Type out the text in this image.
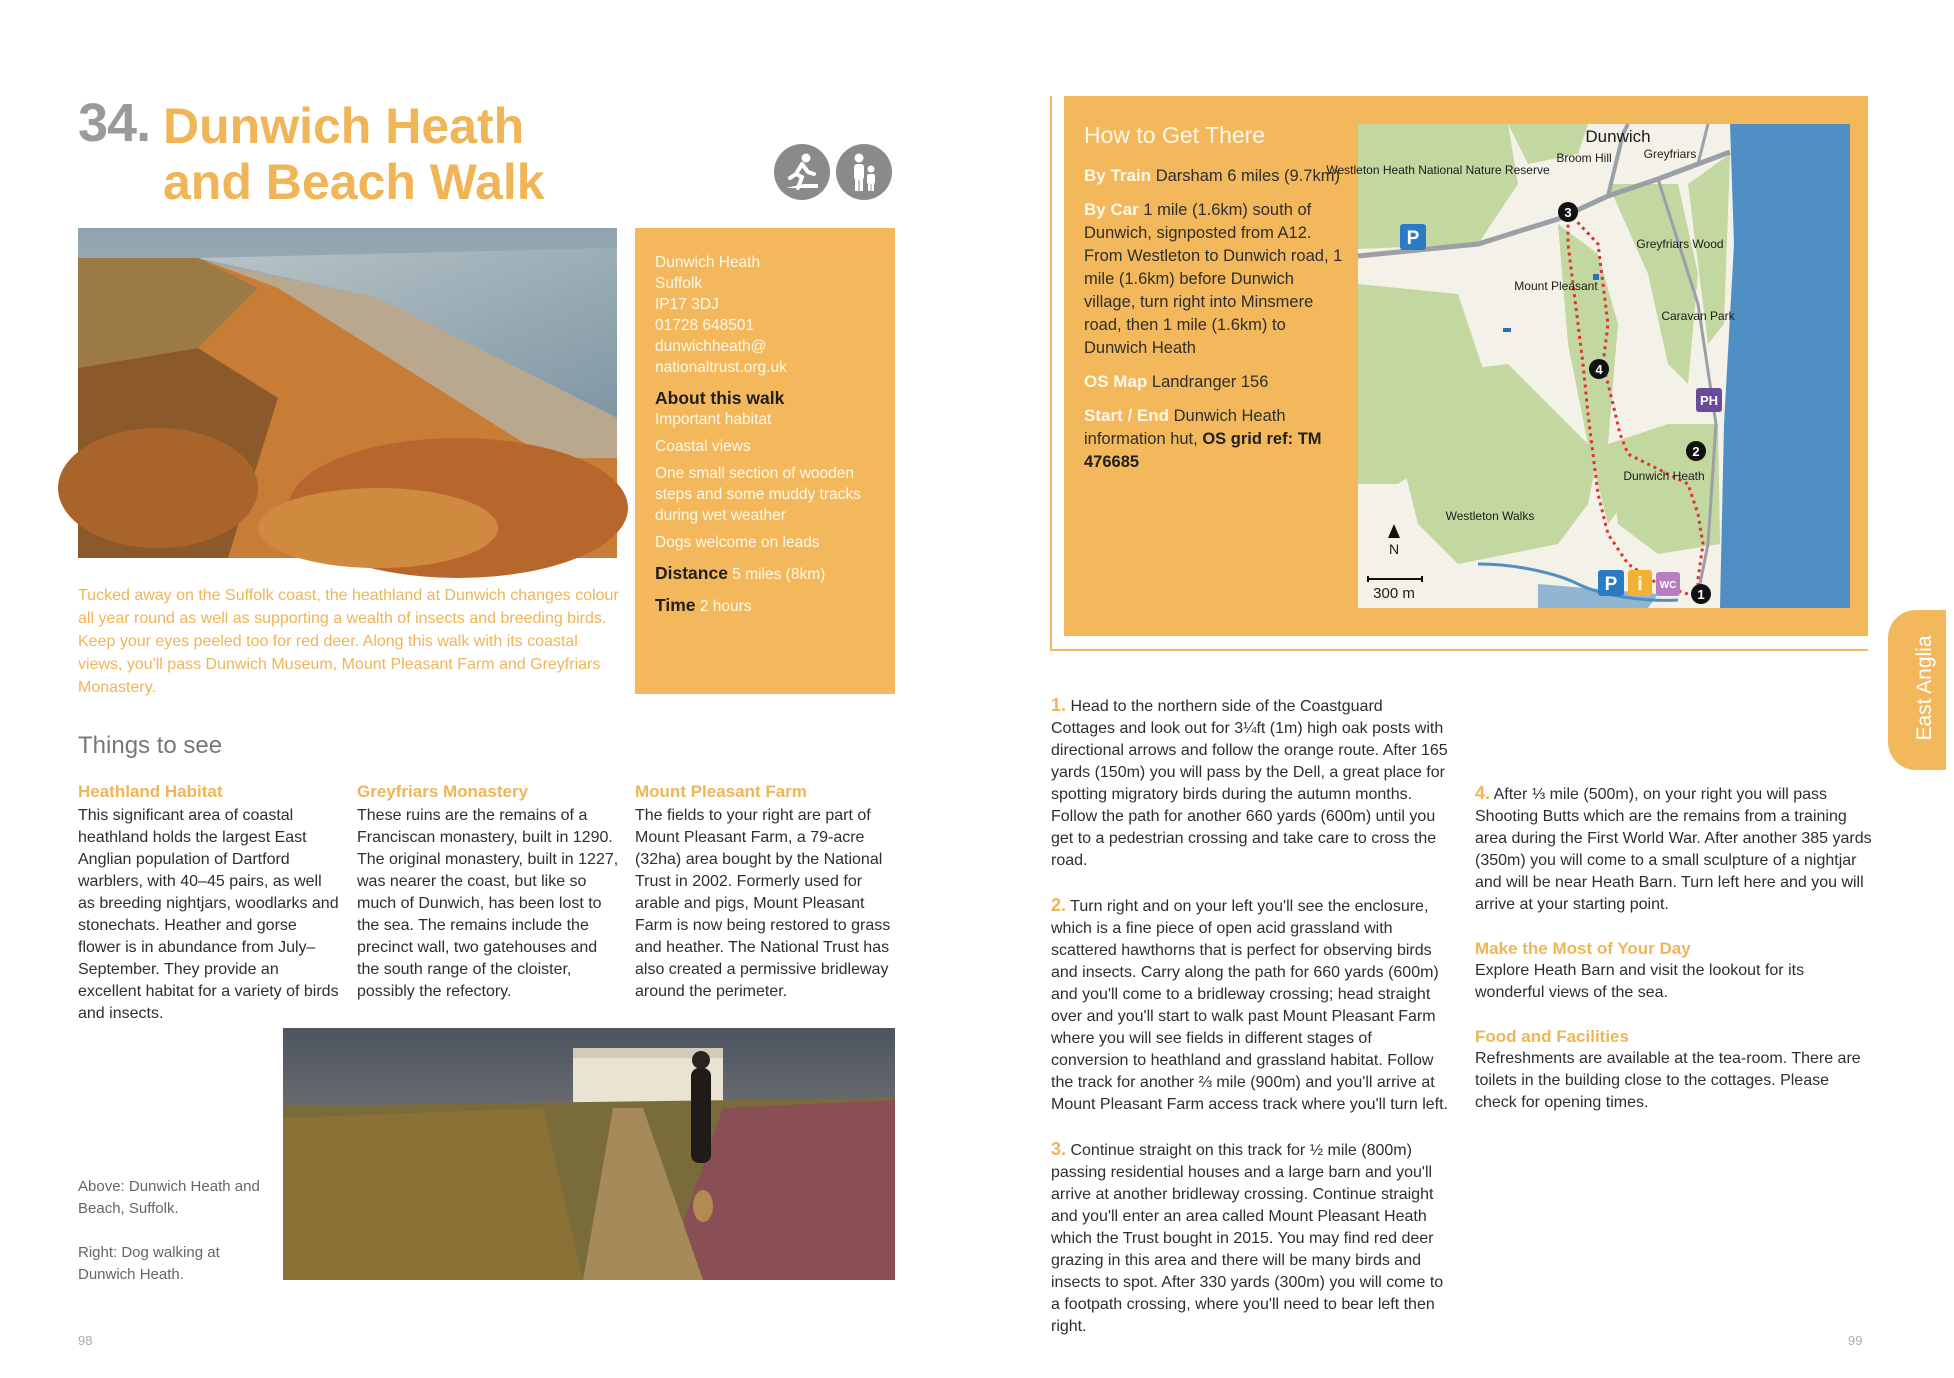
34. Dunwich Heath
and Beach Walk
Dunwich Heath
Suffolk
IP17 3DJ
01728 648501
dunwichheath@
nationaltrust.org.uk
About this walk
Important habitat
Coastal views
One small section of wooden steps and some muddy tracks during wet weather
Dogs welcome on leads
Distance 5 miles (8km)
Time 2 hours
Tucked away on the Suffolk coast, the heathland at Dunwich changes colour all year round as well as supporting a wealth of insects and breeding birds. Keep your eyes peeled too for red deer. Along this walk with its coastal views, you'll pass Dunwich Museum, Mount Pleasant Farm and Greyfriars Monastery.
Things to see
Heathland Habitat
This significant area of coastal heathland holds the largest East Anglian population of Dartford warblers, with 40–45 pairs, as well as breeding nightjars, woodlarks and stonechats. Heather and gorse flower is in abundance from July–September. They provide an excellent habitat for a variety of birds and insects.
Greyfriars Monastery
These ruins are the remains of a Franciscan monastery, built in 1290. The original monastery, built in 1227, was nearer the coast, but like so much of Dunwich, has been lost to the sea. The remains include the precinct wall, two gatehouses and the south range of the cloister, possibly the refectory.
Mount Pleasant Farm
The fields to your right are part of Mount Pleasant Farm, a 79-acre (32ha) area bought by the National Trust in 2002. Formerly used for arable and pigs, Mount Pleasant Farm is now being restored to grass and heather. The National Trust has also created a permissive bridleway around the perimeter.

Above: Dunwich Heath and Beach, Suffolk.

Right: Dog walking at Dunwich Heath.

98
How to Get There

By Train Darsham 6 miles (9.7km)

By Car 1 mile (1.6km) south of Dunwich, signposted from A12. From Westleton to Dunwich road, 1 mile (1.6km) before Dunwich village, turn right into Minsmere road, then 1 mile (1.6km) to Dunwich Heath

OS Map Landranger 156

Start / End Dunwich Heath information hut, OS grid ref: TM 476685

3
4
2
1
P
P i WC
PH
Dunwich
Broom Hill	Greyfriars
Westleton Heath National Nature Reserve
Greyfriars Wood
Mount Pleasant
Caravan Park
Dunwich Heath
Westleton Walks
N
300 m
East Anglia

1. Head to the northern side of the Coastguard Cottages and look out for 3¼ft (1m) high oak posts with directional arrows and follow the orange route. After 165 yards (150m) you will pass by the Dell, a great place for spotting migratory birds during the autumn months. Follow the path for another 660 yards (600m) until you get to a pedestrian crossing and take care to cross the road.

2. Turn right and on your left you'll see the enclosure, which is a fine piece of open acid grassland with scattered hawthorns that is perfect for observing birds and insects. Carry along the path for 660 yards (600m) and you'll come to a bridleway crossing; head straight over and you'll start to walk past Mount Pleasant Farm where you will see fields in different stages of conversion to heathland and grassland habitat. Follow the track for another ⅔ mile (900m) and you'll arrive at Mount Pleasant Farm access track where you'll turn left.

3. Continue straight on this track for ½ mile (800m) passing residential houses and a large barn and you'll arrive at another bridleway crossing. Continue straight and you'll enter an area called Mount Pleasant Heath which the Trust bought in 2015. You may find red deer grazing in this area and there will be many birds and insects to spot. After 330 yards (300m) you will come to a footpath crossing, where you'll need to bear left then right.

4. After ⅓ mile (500m), on your right you will pass Shooting Butts which are the remains from a training area during the First World War. After another 385 yards (350m) you will come to a small sculpture of a nightjar and will be near Heath Barn. Turn left here and you will arrive at your starting point.

Make the Most of Your Day
Explore Heath Barn and visit the lookout for its wonderful views of the sea.

Food and Facilities
Refreshments are available at the tea-room. There are toilets in the building close to the cottages. Please check for opening times.

99
